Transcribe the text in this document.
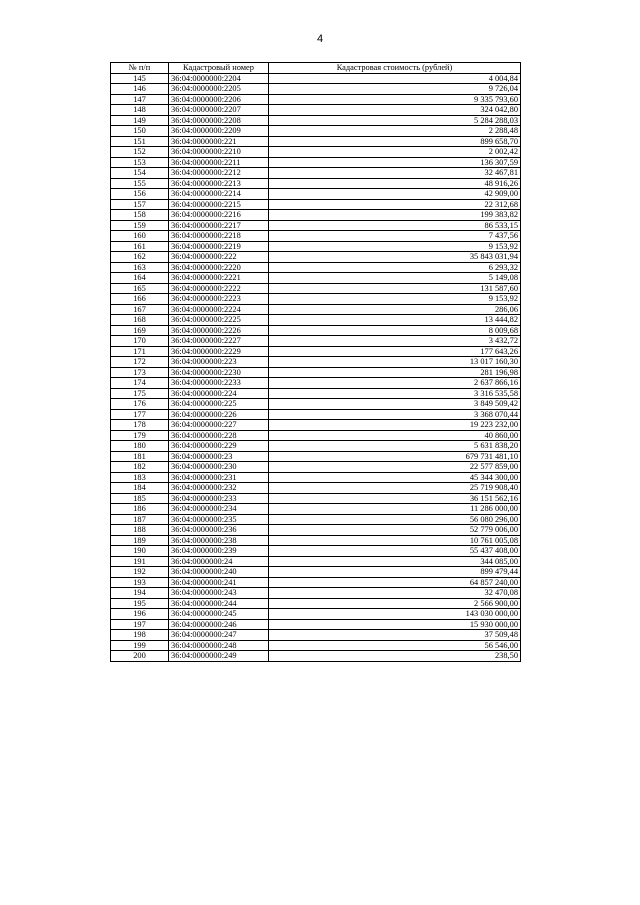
4
№ п/п	Кадастровый номер	Кадастровая стоимость (рублей)
145	36:04:0000000:2204	4 004,84
146	36:04:0000000:2205	9 726,04
147	36:04:0000000:2206	9 335 793,60
148	36:04:0000000:2207	324 042,80
149	36:04:0000000:2208	5 284 288,03
150	36:04:0000000:2209	2 288,48
151	36:04:0000000:221	899 658,70
152	36:04:0000000:2210	2 002,42
153	36:04:0000000:2211	136 307,59
154	36:04:0000000:2212	32 467,81
155	36:04:0000000:2213	48 916,26
156	36:04:0000000:2214	42 909,00
157	36:04:0000000:2215	22 312,68
158	36:04:0000000:2216	199 383,82
159	36:04:0000000:2217	86 533,15
160	36:04:0000000:2218	7 437,56
161	36:04:0000000:2219	9 153,92
162	36:04:0000000:222	35 843 031,94
163	36:04:0000000:2220	6 293,32
164	36:04:0000000:2221	5 149,08
165	36:04:0000000:2222	131 587,60
166	36:04:0000000:2223	9 153,92
167	36:04:0000000:2224	286,06
168	36:04:0000000:2225	13 444,82
169	36:04:0000000:2226	8 009,68
170	36:04:0000000:2227	3 432,72
171	36:04:0000000:2229	177 643,26
172	36:04:0000000:223	13 017 160,30
173	36:04:0000000:2230	281 196,98
174	36:04:0000000:2233	2 637 866,16
175	36:04:0000000:224	3 316 535,58
176	36:04:0000000:225	3 849 509,42
177	36:04:0000000:226	3 368 070,44
178	36:04:0000000:227	19 223 232,00
179	36:04:0000000:228	40 860,00
180	36:04:0000000:229	5 631 838,20
181	36:04:0000000:23	679 731 481,10
182	36:04:0000000:230	22 577 859,00
183	36:04:0000000:231	45 344 300,00
184	36:04:0000000:232	25 719 908,40
185	36:04:0000000:233	36 151 562,16
186	36:04:0000000:234	11 286 000,00
187	36:04:0000000:235	56 080 296,00
188	36:04:0000000:236	52 779 006,00
189	36:04:0000000:238	10 761 005,08
190	36:04:0000000:239	55 437 408,00
191	36:04:0000000:24	344 085,00
192	36:04:0000000:240	899 479,44
193	36:04:0000000:241	64 857 240,00
194	36:04:0000000:243	32 470,08
195	36:04:0000000:244	2 566 900,00
196	36:04:0000000:245	143 030 000,00
197	36:04:0000000:246	15 930 000,00
198	36:04:0000000:247	37 509,48
199	36:04:0000000:248	56 546,00
200	36:04:0000000:249	238,50
